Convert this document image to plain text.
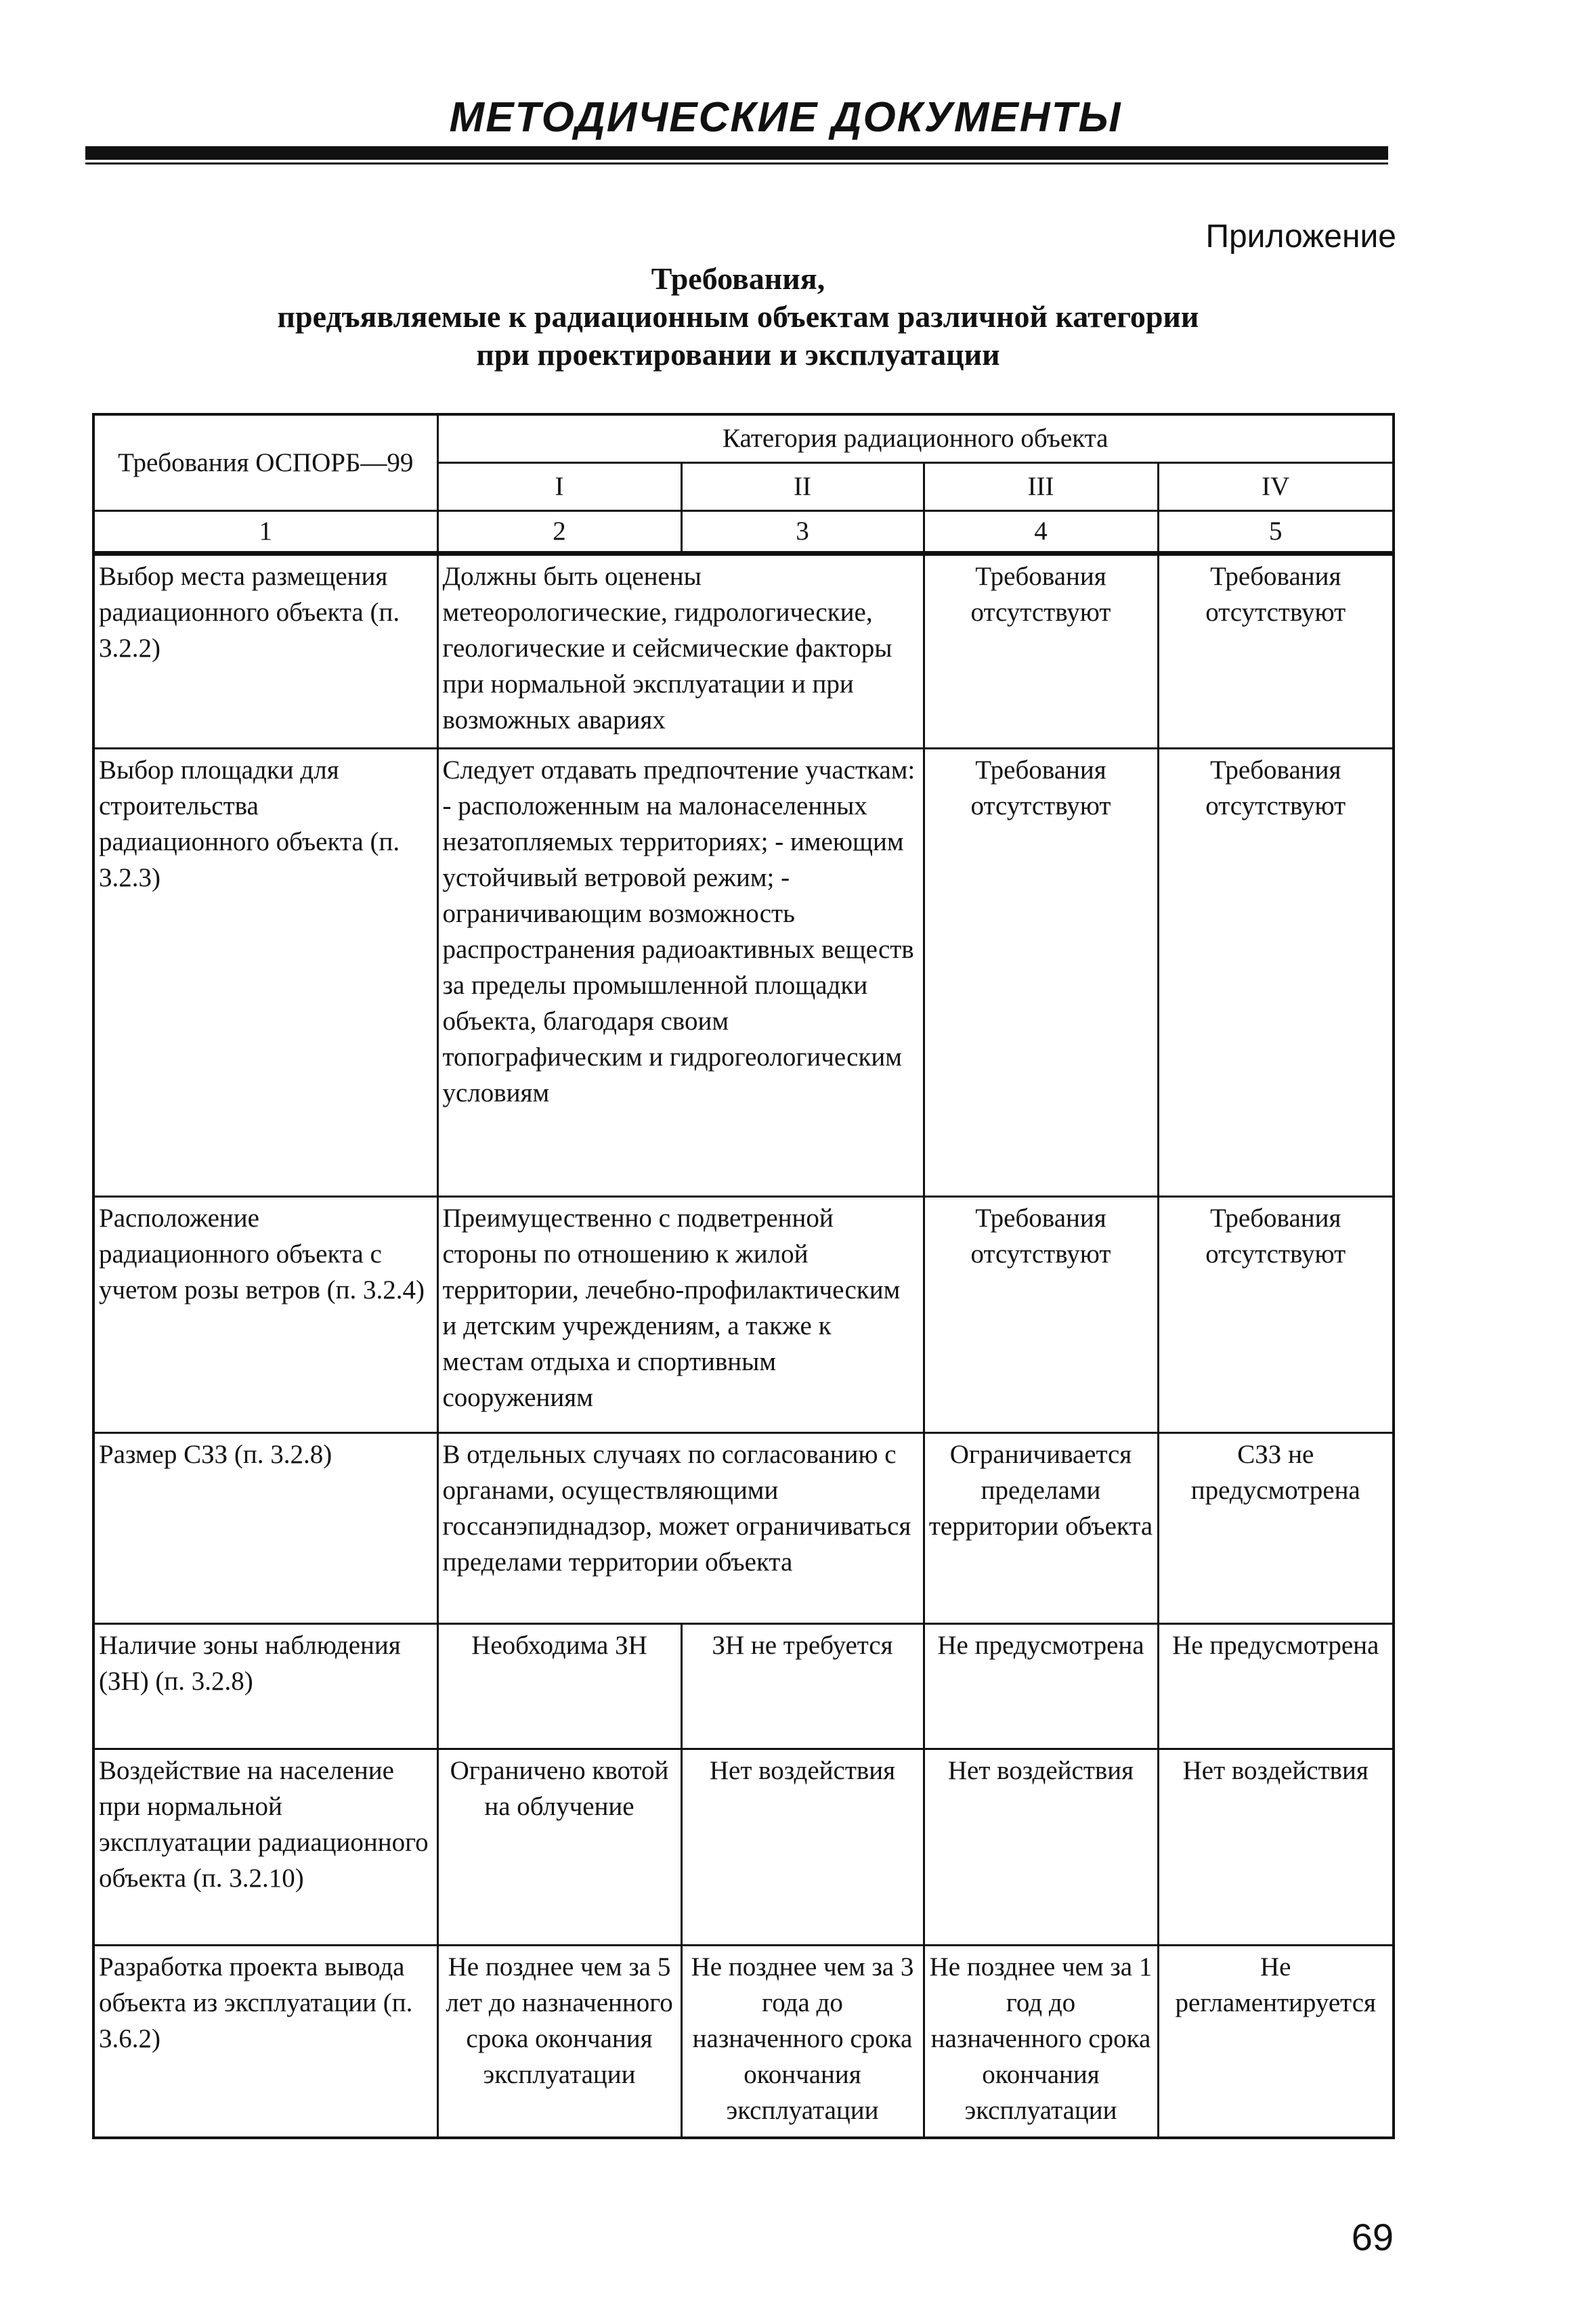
МЕТОДИЧЕСКИЕ ДОКУМЕНТЫ
Приложение
Требования,
предъявляемые к радиационным объектам различной категории
при проектировании и эксплуатации
Требования ОСПОРБ—99	Категория радиационного объекта			
	I	II	III	IV
1	2	3	4	5
Выбор места размещения радиационного объекта (п. 3.2.2)	Должны быть оценены метеорологические, гидрологические, геологические и сейсмические факторы при нормальной эксплуатации и при возможных авариях		Требования отсутствуют	Требования отсутствуют
Выбор площадки для строительства радиационного объекта (п. 3.2.3)	Следует отдавать предпочтение участкам: - расположенным на малонаселенных незатопляемых территориях; - имеющим устойчивый ветровой режим; - ограничивающим возможность распространения радиоактивных веществ за пределы промышленной площадки объекта, благодаря своим топографическим и гидрогеологическим условиям		Требования отсутствуют	Требования отсутствуют
Расположение радиационного объекта с учетом розы ветров (п. 3.2.4)	Преимущественно с подветренной стороны по отношению к жилой территории, лечебно-профилактическим и детским учреждениям, а также к местам отдыха и спортивным сооружениям		Требования отсутствуют	Требования отсутствуют
Размер СЗЗ (п. 3.2.8)	В отдельных случаях по согласованию с органами, осуществляющими госсанэпиднадзор, может ограничиваться пределами территории объекта		Ограничивается пределами территории объекта	СЗЗ не предусмотрена
Наличие зоны наблюдения (ЗН) (п. 3.2.8)	Необходима ЗН	ЗН не требуется	Не предусмотрена	Не предусмотрена
Воздействие на население при нормальной эксплуатации радиационного объекта (п. 3.2.10)	Ограничено квотой на облучение	Нет воздействия	Нет воздействия	Нет воздействия
Разработка проекта вывода объекта из эксплуатации (п. 3.6.2)	Не позднее чем за 5 лет до назначенного срока окончания эксплуатации	Не позднее чем за 3 года до назначенного срока окончания эксплуатации	Не позднее чем за 1 год до назначенного срока окончания эксплуатации	Не регламентируется
69
